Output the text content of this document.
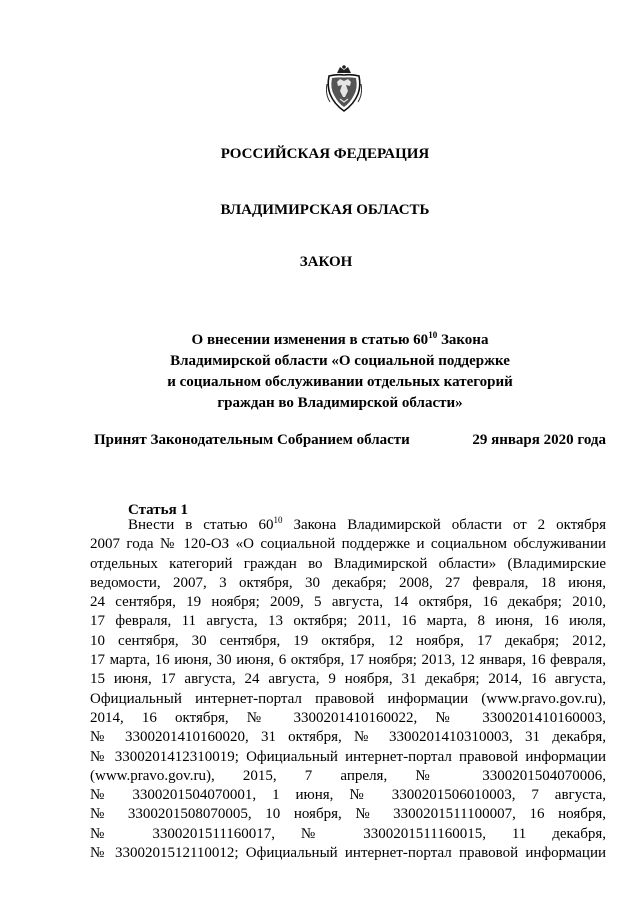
РОССИЙСКАЯ ФЕДЕРАЦИЯ
ВЛАДИМИРСКАЯ ОБЛАСТЬ
ЗАКОН
О внесении изменения в статью $60^{10}$ Закона
Владимирской области «О социальной поддержке
и социальном обслуживании отдельных категорий
граждан во Владимирской области»
Принят Законодательным Собранием области	29 января 2020 года
Статья 1
Внести в статью $60^{10}$ Закона Владимирской области от 2 октября
2007 года № 120-ОЗ «О социальной поддержке и социальном обслуживании
отдельных категорий граждан во Владимирской области» (Владимирские
ведомости, 2007, 3 октября, 30 декабря; 2008, 27 февраля, 18 июня,
24 сентября, 19 ноября; 2009, 5 августа, 14 октября, 16 декабря; 2010,
17 февраля, 11 августа, 13 октября; 2011, 16 марта, 8 июня, 16 июля,
10 сентября, 30 сентября, 19 октября, 12 ноября, 17 декабря; 2012,
17 марта, 16 июня, 30 июня, 6 октября, 17 ноября; 2013, 12 января, 16 февраля,
15 июня, 17 августа, 24 августа, 9 ноября, 31 декабря; 2014, 16 августа,
Официальный интернет-портал правовой информации (www.pravo.gov.ru),
2014, 16 октября, № 3300201410160022, № 3300201410160003,
№ 3300201410160020, 31 октября, № 3300201410310003, 31 декабря,
№ 3300201412310019; Официальный интернет-портал правовой информации
(www.pravo.gov.ru), 2015, 7 апреля, № 3300201504070006,
№ 3300201504070001, 1 июня, № 3300201506010003, 7 августа,
№ 3300201508070005, 10 ноября, № 3300201511100007, 16 ноября,
№ 3300201511160017, № 3300201511160015, 11 декабря,
№ 3300201512110012; Официальный интернет-портал правовой информации
